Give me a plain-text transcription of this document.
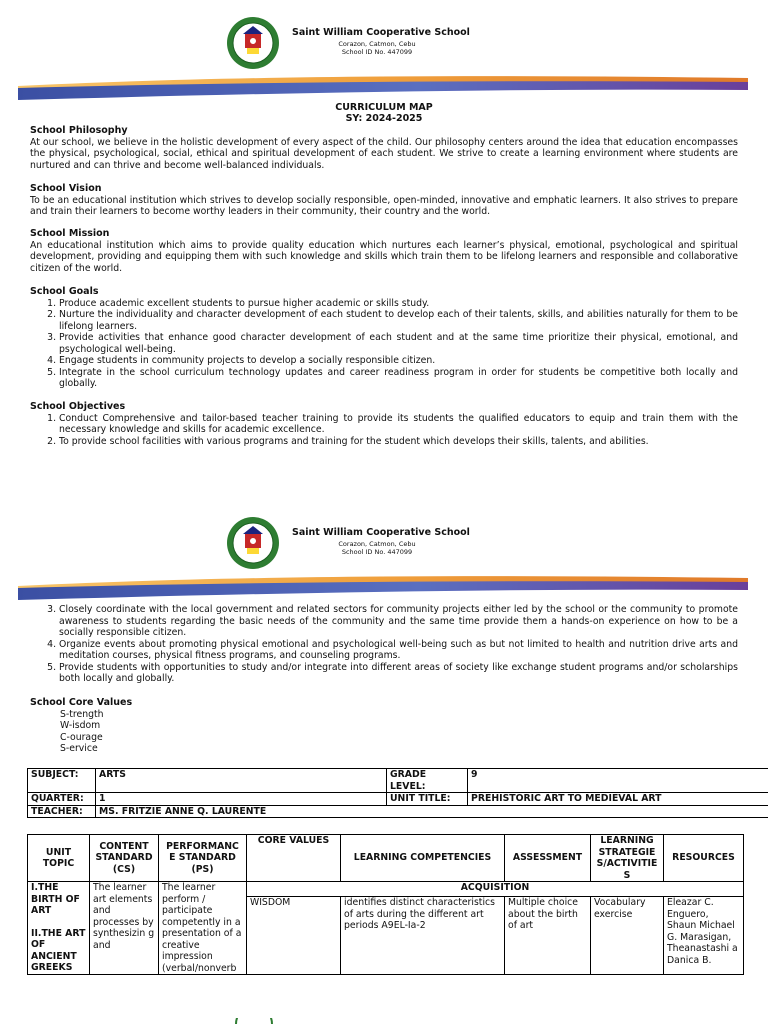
Saint William Cooperative School
Corazon, Catmon, Cebu
School ID No. 447099
CURRICULUM MAP
SY: 2024-2025
School Philosophy

At our school, we believe in the holistic development of every aspect of the child. Our philosophy centers around the idea that education encompasses the physical, psychological, social, ethical and spiritual development of each student. We strive to create a learning environment where students are nurtured and can thrive and become well-balanced individuals.

School Vision

To be an educational institution which strives to develop socially responsible, open-minded, innovative and emphatic learners. It also strives to prepare and train their learners to become worthy leaders in their community, their country and the world.

School Mission

An educational institution which aims to provide quality education which nurtures each learner’s physical, emotional, psychological and spiritual development, providing and equipping them with such knowledge and skills which train them to be lifelong learners and responsible and collaborative citizen of the world.

School Goals
1. Produce academic excellent students to pursue higher academic or skills study.
2. Nurture the individuality and character development of each student to develop each of their talents, skills, and abilities naturally for them to be lifelong learners.
3. Provide activities that enhance good character development of each student and at the same time prioritize their physical, emotional, and psychological well-being.
4. Engage students in community projects to develop a socially responsible citizen.
5. Integrate in the school curriculum technology updates and career readiness program in order for students be competitive both locally and globally.
School Objectives
1. Conduct Comprehensive and tailor-based teacher training to provide its students the qualified educators to equip and train them with the necessary knowledge and skills for academic excellence.
2. To provide school facilities with various programs and training for the student which develops their skills, talents, and abilities.
Saint William Cooperative School
Corazon, Catmon, Cebu
School ID No. 447099
3. Closely coordinate with the local government and related sectors for community projects either led by the school or the community to promote awareness to students regarding the basic needs of the community and the same time provide them a hands-on experience on how to be a socially responsible citizen.
4. Organize events about promoting physical emotional and psychological well-being such as but not limited to health and nutrition drive arts and meditation courses, physical fitness programs, and counseling programs.
5. Provide students with opportunities to study and/or integrate into different areas of society like exchange student programs and/or scholarships both locally and globally.
School Core Values
S-trength
W-isdom
C-ourage
S-ervice
SUBJECT:	ARTS	GRADE LEVEL:	9
QUARTER:	1	UNIT TITLE:	PREHISTORIC ART TO MEDIEVAL ART
TEACHER:	MS. FRITZIE ANNE Q. LAURENTE		
UNIT TOPIC	CONTENT STANDARD (CS)	PERFORMANC E STANDARD (PS)	CORE VALUES	LEARNING COMPETENCIES	ASSESSMENT	LEARNING STRATEGIE S/ACTIVITIE S	RESOURCES

I.THE BIRTH OF ART
II.THE ART OF ANCIENT GREEKS	The learner art elements and processes by synthesizin g and	The learner perform / participate competently in a presentation of a creative impression (verbal/nonverb	ACQUISITION				
			WISDOM	identifies distinct characteristics of arts during the different art periods A9EL-Ia-2	Multiple choice about the birth of art	Vocabulary exercise	Eleazar C. Enguero, Shaun Michael G. Marasigan, Theanastashi a Danica B.
